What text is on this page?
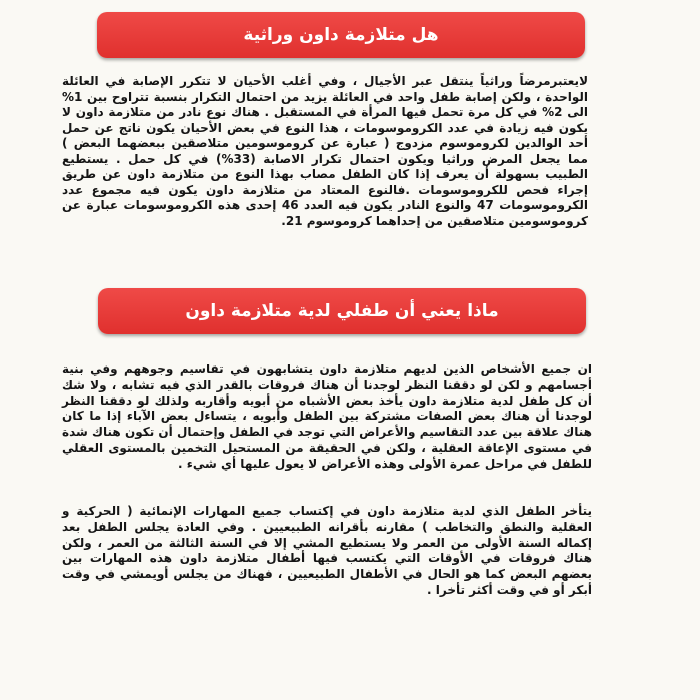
هل متلازمة داون وراثية
لايعتبرمرضاً وراثياً ينتقل عبر الأجيال ، وفي أغلب الأحيان لا تتكرر الإصابة في العائلة الواحدة ، ولكن إصابة طفل واحد في العائلة يزيد من احتمال التكرار بنسبة تتراوح بين 1% الى 2% في كل مرة تحمل فيها المرأة في المستقبل . هناك نوع نادر من متلازمة داون لا يكون فيه زيادة في عدد الكروموسومات ، هذا النوع في بعض الأحيان يكون ناتج عن حمل أحد الوالدين لكروموسوم مزدوج ( عبارة عن كروموسومين متلاصقين ببعضهما البعض ) مما يجعل المرض وراثيا ويكون احتمال تكرار الاصابة (33%) في كل حمل . يستطيع الطبيب بسهولة أن يعرف إذا كان الطفل مصاب بهذا النوع من متلازمة داون عن طريق إجراء فحص للكروموسومات .فالنوع المعتاد من متلازمة داون يكون فيه مجموع عدد الكروموسومات 47 والنوع النادر يكون فيه العدد 46 إحدى هذه الكروموسومات عبارة عن كروموسومين متلاصقين من إحداهما كروموسوم 21.
ماذا يعني أن طفلي لدية متلازمة داون
ان جميع الأشخاص الذين لديهم متلازمة داون يتشابهون في تقاسيم وجوههم وفي بنية أجسامهم و لكن لو دققنا النظر لوجدنا أن هناك فروقات بالقدر الذي فيه تشابه ، ولا شك أن كل طفل لدية متلازمة داون يأخذ بعض الأشباه من أبويه وأقاربه ولذلك لو دققنا النظر لوجدنا أن هناك بعض الصفات مشتركة بين الطفل وأبويه ، يتساءل بعض الآباء إذا ما كان هناك علاقة بين عدد التقاسيم والأعراض التي توجد في الطفل وإحتمال أن تكون هناك شدة في مستوى الإعاقة العقلية ، ولكن في الحقيقة من المستحيل التخمين بالمستوى العقلي للطفل في مراحل عمرة الأولى وهذه الأعراض لا يعول عليها أي شيء .
يتأخر الطفل الذي لدية متلازمة داون في إكتساب جميع المهارات الإنمائية ( الحركية و العقلية والنطق والتخاطب ) مقارنه بأقرانه الطبيعيين . وفي العادة يجلس الطفل بعد إكماله السنة الأولى من العمر ولا يستطيع المشي إلا في السنة الثالثة من العمر ، ولكن هناك فروقات في الأوقات التي يكتسب فيها أطفال متلازمة داون هذه المهارات بين بعضهم البعض كما هو الحال في الأطفال الطبيعيين ، فهناك من يجلس أويمشي في وقت أبكر أو في وقت أكثر تأخرا .
